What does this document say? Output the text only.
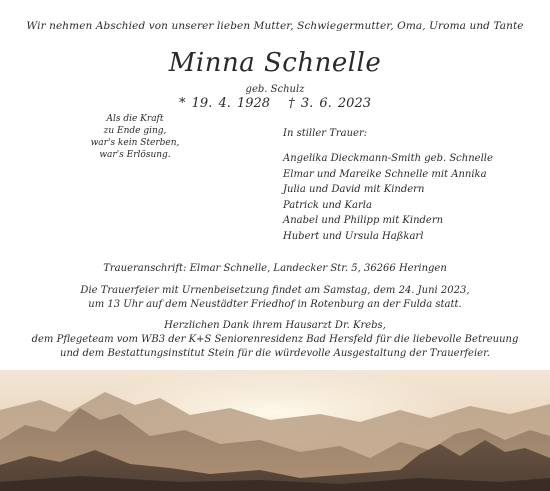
Wir nehmen Abschied von unserer lieben Mutter, Schwiegermutter, Oma, Uroma und Tante
Minna Schnelle
geb. Schulz
* 19. 4. 1928 † 3. 6. 2023
Als die Kraft
zu Ende ging,
war's kein Sterben,
war's Erlösung.
In stiller Trauer:
Angelika Dieckmann-Smith geb. Schnelle
Elmar und Mareike Schnelle mit Annika
Julia und David mit Kindern
Patrick und Karla
Anabel und Philipp mit Kindern
Hubert und Ursula Haßkarl
Traueranschrift: Elmar Schnelle, Landecker Str. 5, 36266 Heringen
Die Trauerfeier mit Urnenbeisetzung findet am Samstag, dem 24. Juni 2023,
um 13 Uhr auf dem Neustädter Friedhof in Rotenburg an der Fulda statt.
Herzlichen Dank ihrem Hausarzt Dr. Krebs,
dem Pflegeteam vom WB3 der K+S Seniorenresidenz Bad Hersfeld für die liebevolle Betreuung
und dem Bestattungsinstitut Stein für die würdevolle Ausgestaltung der Trauerfeier.
